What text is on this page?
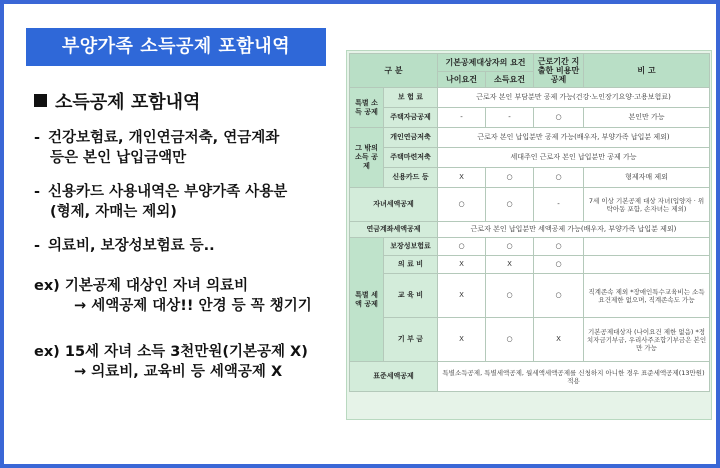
부양가족 소득공제 포함내역
소득공제 포함내역
- 건강보험료, 개인연금저축, 연금계좌
등은 본인 납입금액만
- 신용카드 사용내역은 부양가족 사용분
(형제, 자매는 제외)
- 의료비, 보장성보험료 등..
ex) 기본공제 대상인 자녀 의료비
→ 세액공제 대상!! 안경 등 꼭 챙기기
ex) 15세 자녀 소득 3천만원(기본공제 X)
→ 의료비, 교육비 등 세액공제 X
구 분		기본공제대상자의 요건		근로기간 지출한 비용만 공제	비 고
		나이요건	소득요건		
특별 소득 공제	보 험 료	근로자 본인 부담분만 공제 가능(건강·노인장기요양·고용보험료)			
	주택자금공제	-	-	○	본인만 가능
그 밖의 소득 공제	개인연금저축	근로자 본인 납입분만 공제 가능(배우자, 부양가족 납입분 제외)			
	주택마련저축	세대주인 근로자 본인 납입분만 공제 가능			
	신용카드 등	X	○	○	형제자매 제외
자녀세액공제		○	○	-	7세 이상 기본공제 대상 자녀(입양자 · 위탁아동 포함, 손자녀는 제외)
연금계좌세액공제		근로자 본인 납입분만 세액공제 가능(배우자, 부양가족 납입분 제외)			
특별 세액 공제	보장성보험료	○	○	○	
	의 료 비	X	X	○	
	교 육 비	X	○	○	직계존속 제외 *장애인특수교육비는 소득요건제한 없으며, 직계존속도 가능
	기 부 금	X	○	X	기본공제대상자 (나이요건 제한 없음) *정치자금기부금, 우리사주조합기부금은 본인만 가능
표준세액공제		특별소득공제, 특별세액공제, 월세액세액공제를 신청하지 아니한 경우 표준세액공제(13만원) 적용			
